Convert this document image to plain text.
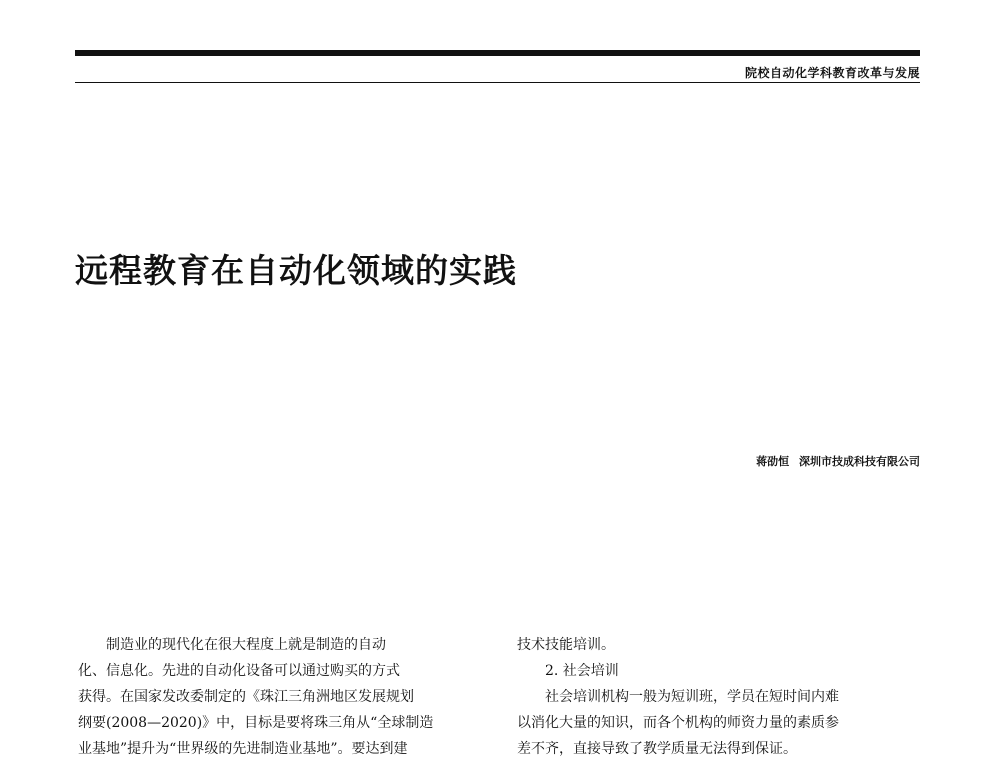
院校自动化学科教育改革与发展
远程教育在自动化领域的实践
蒋劭恒 深圳市技成科技有限公司
制造业的现代化在很大程度上就是制造的自动
化、信息化。先进的自动化设备可以通过购买的方式
获得。在国家发改委制定的《珠江三角洲地区发展规划
纲要(2008—2020)》中，目标是要将珠三角从“全球制造
业基地”提升为“世界级的先进制造业基地”。要达到建
技术技能培训。
2. 社会培训
社会培训机构一般为短训班，学员在短时间内难
以消化大量的知识，而各个机构的师资力量的素质参
差不齐，直接导致了教学质量无法得到保证。
